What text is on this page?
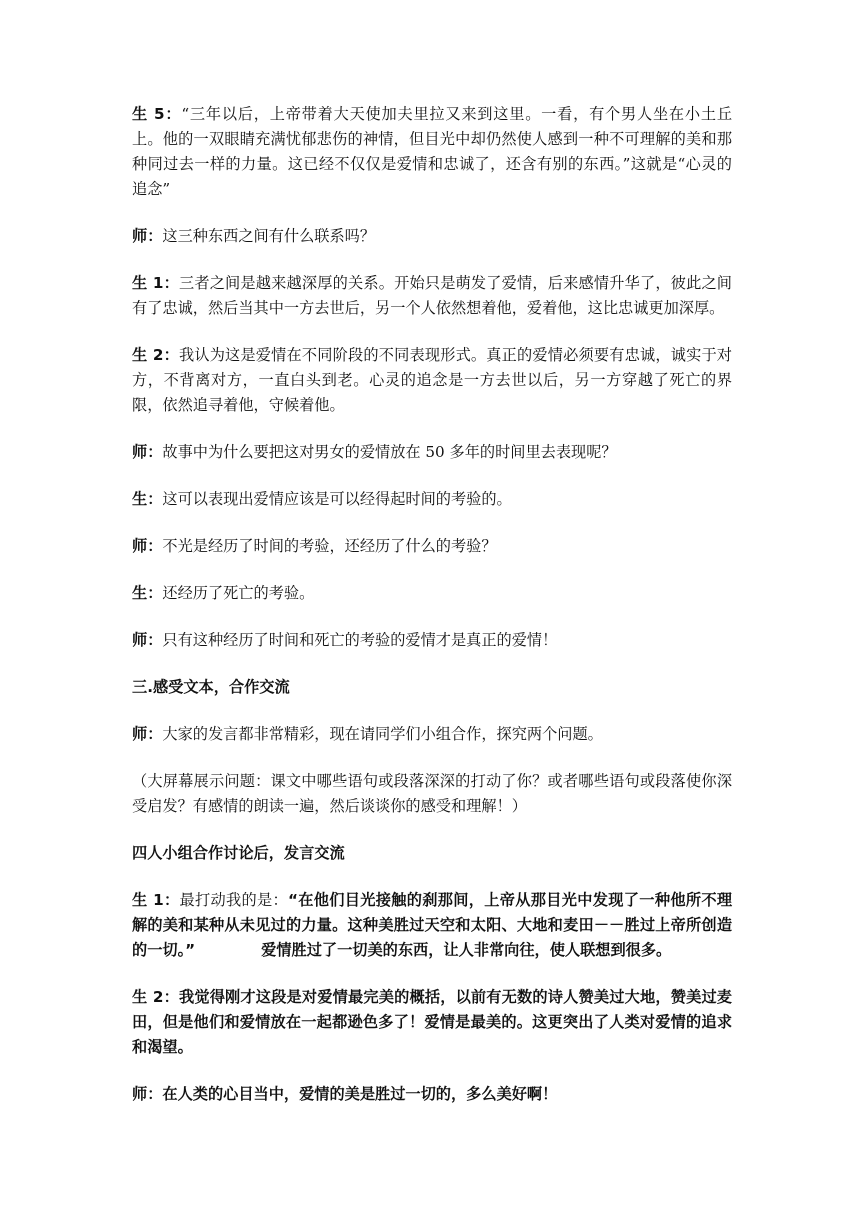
生 5：“三年以后，上帝带着大天使加夫里拉又来到这里。一看，有个男人坐在小土丘上。他的一双眼睛充满忧郁悲伤的神情，但目光中却仍然使人感到一种不可理解的美和那种同过去一样的力量。这已经不仅仅是爱情和忠诚了，还含有别的东西。”这就是“心灵的追念”

师：这三种东西之间有什么联系吗？

生 1：三者之间是越来越深厚的关系。开始只是萌发了爱情，后来感情升华了，彼此之间有了忠诚，然后当其中一方去世后，另一个人依然想着他，爱着他，这比忠诚更加深厚。

生 2：我认为这是爱情在不同阶段的不同表现形式。真正的爱情必须要有忠诚，诚实于对方，不背离对方，一直白头到老。心灵的追念是一方去世以后，另一方穿越了死亡的界限，依然追寻着他，守候着他。

师：故事中为什么要把这对男女的爱情放在 50 多年的时间里去表现呢？

生：这可以表现出爱情应该是可以经得起时间的考验的。

师：不光是经历了时间的考验，还经历了什么的考验？

生：还经历了死亡的考验。

师：只有这种经历了时间和死亡的考验的爱情才是真正的爱情！

三.感受文本，合作交流

师：大家的发言都非常精彩，现在请同学们小组合作，探究两个问题。

（大屏幕展示问题：课文中哪些语句或段落深深的打动了你？或者哪些语句或段落使你深受启发？有感情的朗读一遍，然后谈谈你的感受和理解！）

四人小组合作讨论后，发言交流

生 1：最打动我的是：“在他们目光接触的刹那间，上帝从那目光中发现了一种他所不理解的美和某种从未见过的力量。这种美胜过天空和太阳、大地和麦田－－胜过上帝所创造的一切。”	爱情胜过了一切美的东西，让人非常向往，使人联想到很多。

生 2：我觉得刚才这段是对爱情最完美的概括，以前有无数的诗人赞美过大地，赞美过麦田，但是他们和爱情放在一起都逊色多了！爱情是最美的。这更突出了人类对爱情的追求和渴望。

师：在人类的心目当中，爱情的美是胜过一切的，多么美好啊！
